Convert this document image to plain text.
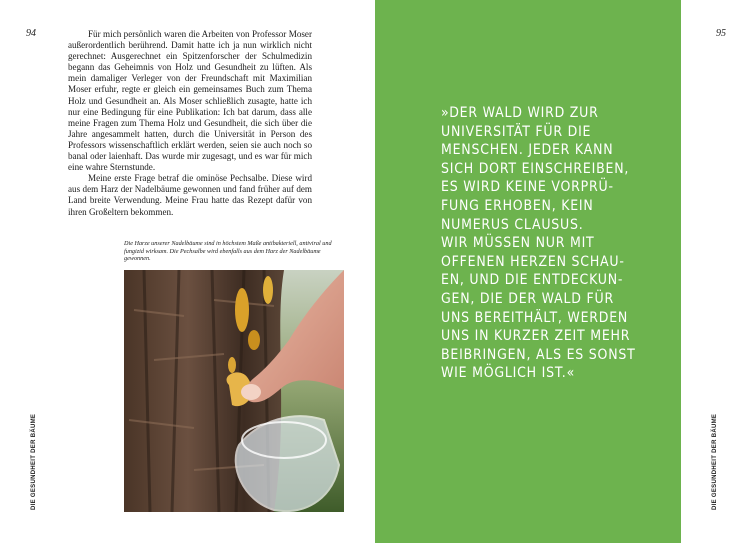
94	Für mich persönlich waren die Arbeiten von Professor Moser außerordentlich berührend. Damit hatte ich ja nun wirklich nicht gerechnet: Ausgerechnet ein Spitzenforscher der Schulmedizin begann das Geheimnis von Holz und Gesundheit zu lüften. Als mein damaliger Verleger von der Freundschaft mit Maximilian Moser erfuhr, regte er gleich ein gemeinsames Buch zum Thema Holz und Gesundheit an. Als Moser schließlich zusagte, hatte ich nur eine Bedingung für eine Publikation: Ich bat darum, dass alle meine Fragen zum Thema Holz und Gesundheit, die sich über die Jahre angesammelt hatten, durch die Universität in Person des Professors wissenschaftlich erklärt werden, seien sie auch noch so banal oder laienhaft. Das wurde mir zugesagt, und es war für mich eine wahre Sternstunde.

Meine erste Frage betraf die ominöse Pechsalbe. Diese wird aus dem Harz der Nadelbäume gewonnen und fand früher auf dem Land breite Verwendung. Meine Frau hatte das Rezept dafür von ihren Großeltern bekommen.

Die Harze unserer Nadelbäume sind in höchstem Maße antibakteriell, antiviral und fungizid wirksam. Die Pechsalbe wird ebenfalls aus dem Harz der Nadelbäume gewonnen.
DIE GESUNDHEIT DER BÄUME
»DER WALD WIRD ZUR
UNIVERSITÄT FÜR DIE
MENSCHEN. JEDER KANN
SICH DORT EINSCHREIBEN,
ES WIRD KEINE VORPRÜ-
FUNG ERHOBEN, KEIN
NUMERUS CLAUSUS.
WIR MÜSSEN NUR MIT
OFFENEN HERZEN SCHAU-
EN, UND DIE ENTDECKUN-
GEN, DIE DER WALD FÜR
UNS BEREITHÄLT, WERDEN
UNS IN KURZER ZEIT MEHR
BEIBRINGEN, ALS ES SONST
WIE MÖGLICH IST.«
95
DIE GESUNDHEIT DER BÄUME
